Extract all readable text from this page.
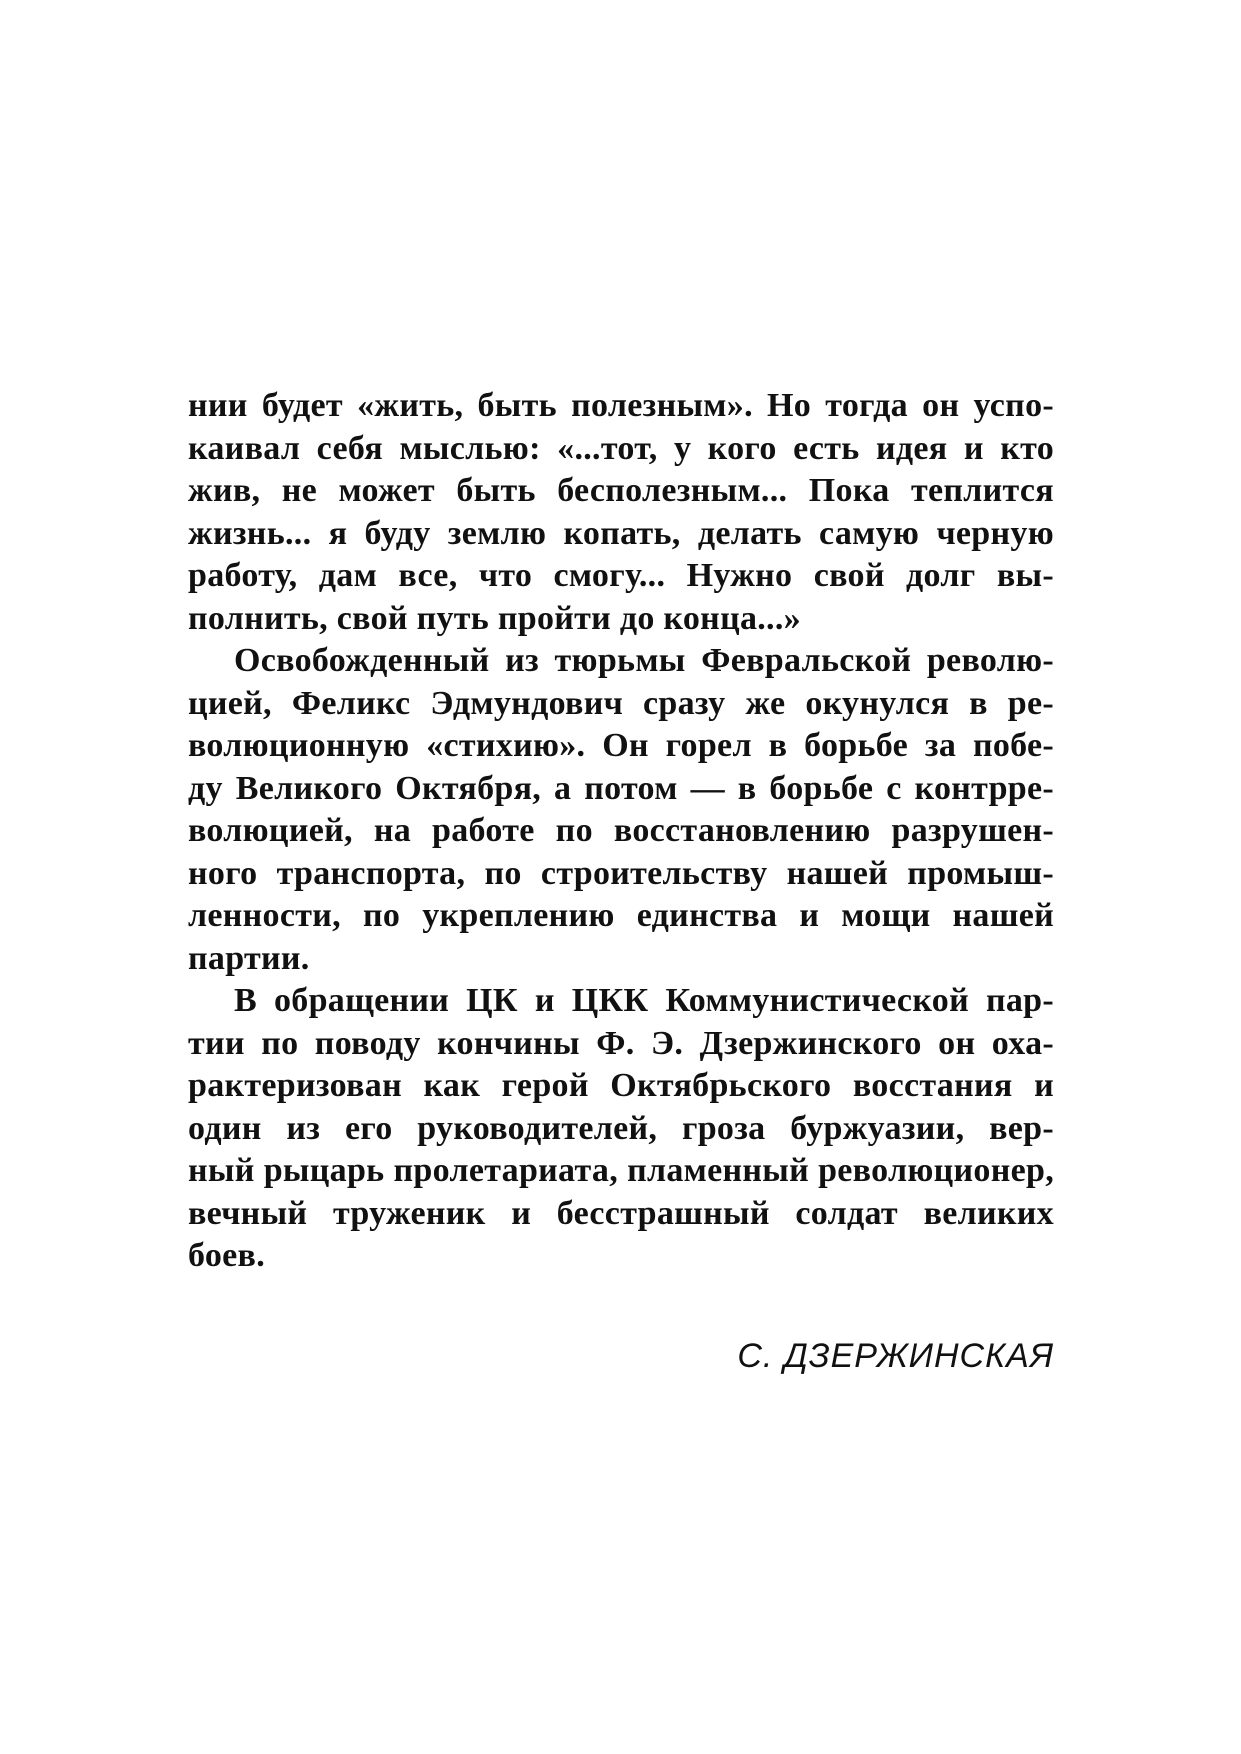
нии будет «жить, быть полезным». Но тогда он успо-
каивал себя мыслью: «...тот, у кого есть идея и кто
жив, не может быть бесполезным... Пока теплится
жизнь... я буду землю копать, делать самую черную
работу, дам все, что смогу... Нужно свой долг вы-
полнить, свой путь пройти до конца...»
Освобожденный из тюрьмы Февральской револю-
цией, Феликс Эдмундович сразу же окунулся в ре-
волюционную «стихию». Он горел в борьбе за побе-
ду Великого Октября, а потом — в борьбе с контрре-
волюцией, на работе по восстановлению разрушен-
ного транспорта, по строительству нашей промыш-
ленности, по укреплению единства и мощи нашей
партии.
В обращении ЦК и ЦКК Коммунистической пар-
тии по поводу кончины Ф. Э. Дзержинского он оха-
рактеризован как герой Октябрьского восстания и
один из его руководителей, гроза буржуазии, вер-
ный рыцарь пролетариата, пламенный революционер,
вечный труженик и бесстрашный солдат великих
боев.
С. ДЗЕРЖИНСКАЯ
